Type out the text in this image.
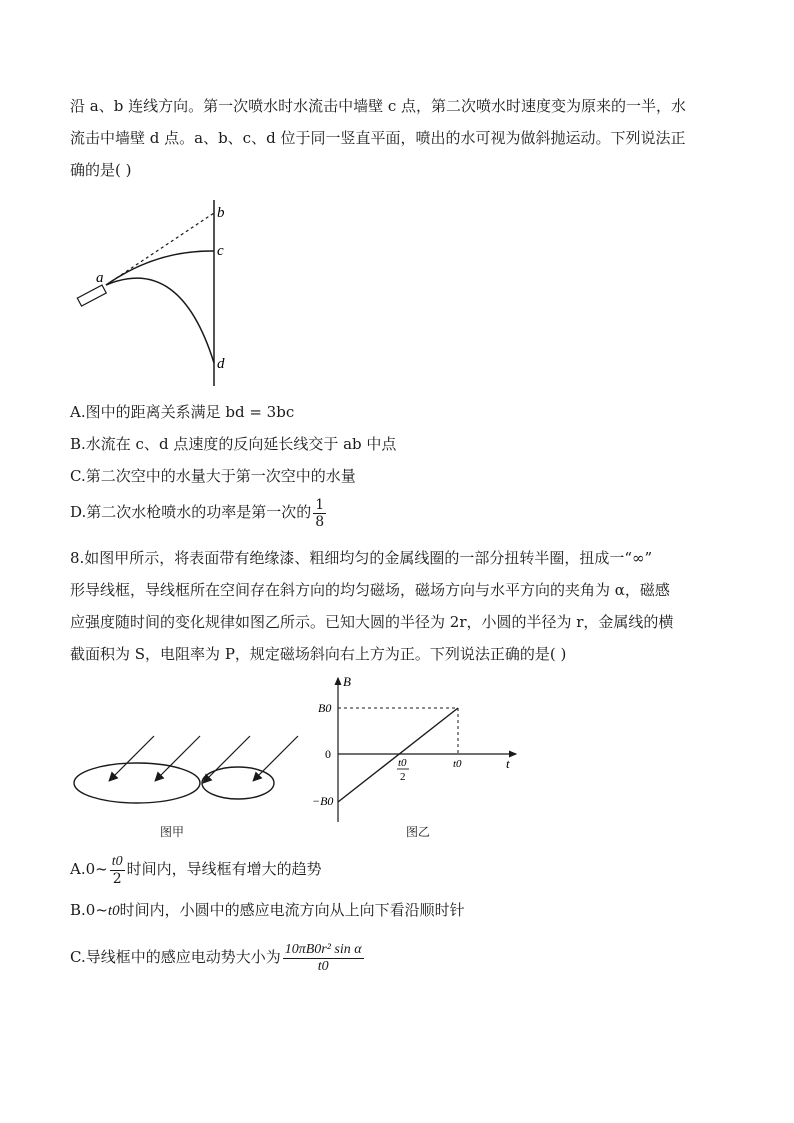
沿 a、b 连线方向。第一次喷水时水流击中墙壁 c 点，第二次喷水时速度变为原来的一半，水
流击中墙壁 d 点。a、b、c、d 位于同一竖直平面，喷出的水可视为做斜抛运动。下列说法正
确的是( )
a
b
c
d
A.图中的距离关系满足 bd = 3bc
B.水流在 c、d 点速度的反向延长线交于 ab 中点
C.第二次空中的水量大于第一次空中的水量
D.第二次水枪喷水的功率是第一次的 $\frac{1}{8}$
8.如图甲所示，将表面带有绝缘漆、粗细均匀的金属线圈的一部分扭转半圈，扭成一“∞”
形导线框，导线框所在空间存在斜方向的均匀磁场，磁场方向与水平方向的夹角为 α，磁感
应强度随时间的变化规律如图乙所示。已知大圆的半径为 2r，小圆的半径为 r，金属线的横
截面积为 S，电阻率为 P，规定磁场斜向右上方为正。下列说法正确的是( )
图甲
B
t
B0
0
−B0
t0
2
t0
图乙
A.0~ $\frac{t0}{2}$ 时间内，导线框有增大的趋势
B.0~t0时间内，小圆中的感应电流方向从上向下看沿顺时针
C.导线框中的感应电动势大小为 $\frac{\text{10πB0r² sin α}}{t0}$
